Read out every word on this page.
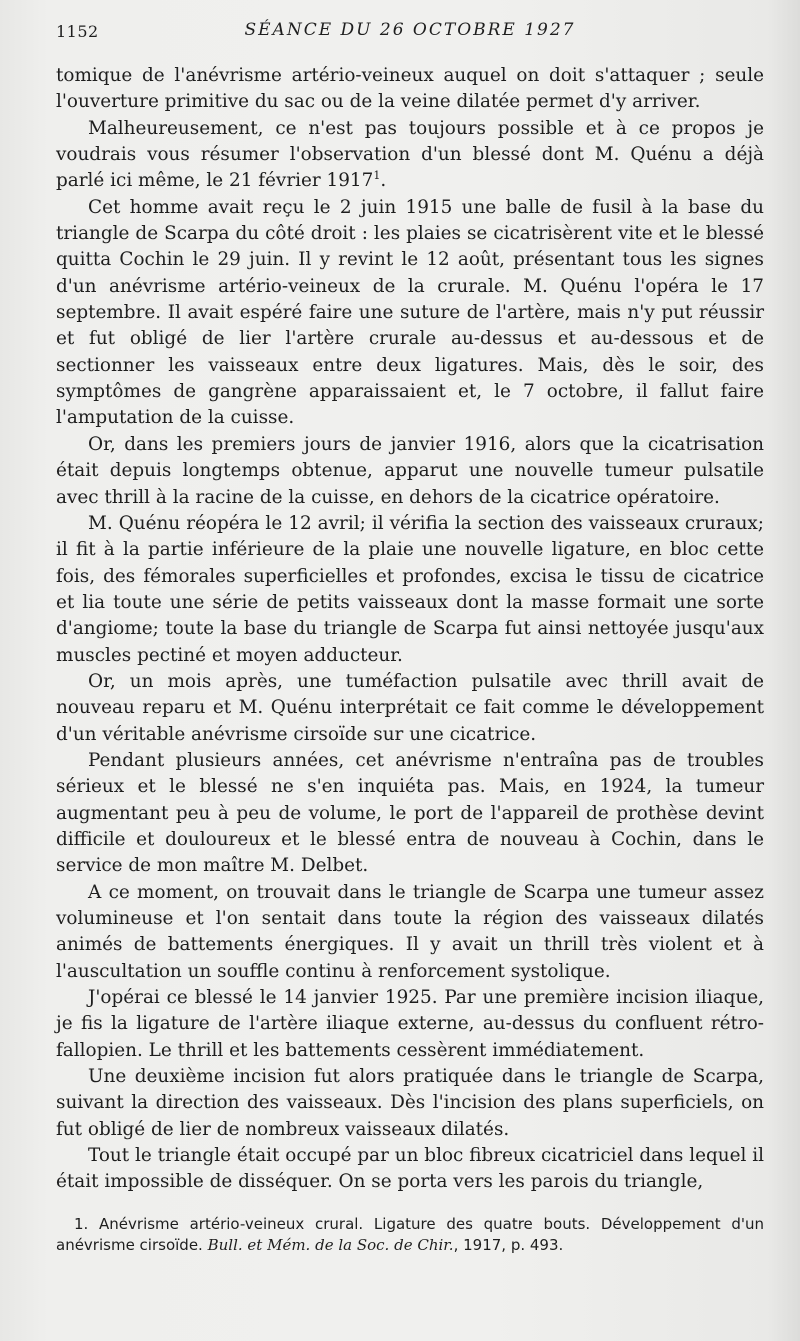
1152	SÉANCE DU 26 OCTOBRE 1927

tomique de l'anévrisme artério-veineux auquel on doit s'attaquer ; seule l'ouverture primitive du sac ou de la veine dilatée permet d'y arriver.

Malheureusement, ce n'est pas toujours possible et à ce propos je voudrais vous résumer l'observation d'un blessé dont M. Quénu a déjà parlé ici même, le 21 février 1917$^1$.

Cet homme avait reçu le 2 juin 1915 une balle de fusil à la base du triangle de Scarpa du côté droit : les plaies se cicatrisèrent vite et le blessé quitta Cochin le 29 juin. Il y revint le 12 août, présentant tous les signes d'un anévrisme artério-veineux de la crurale. M. Quénu l'opéra le 17 septembre. Il avait espéré faire une suture de l'artère, mais n'y put réussir et fut obligé de lier l'artère crurale au-dessus et au-dessous et de sectionner les vaisseaux entre deux ligatures. Mais, dès le soir, des symptômes de gangrène apparaissaient et, le 7 octobre, il fallut faire l'amputation de la cuisse.

Or, dans les premiers jours de janvier 1916, alors que la cicatrisation était depuis longtemps obtenue, apparut une nouvelle tumeur pulsatile avec thrill à la racine de la cuisse, en dehors de la cicatrice opératoire.

M. Quénu réopéra le 12 avril; il vérifia la section des vaisseaux cruraux; il fit à la partie inférieure de la plaie une nouvelle ligature, en bloc cette fois, des fémorales superficielles et profondes, excisa le tissu de cicatrice et lia toute une série de petits vaisseaux dont la masse formait une sorte d'angiome; toute la base du triangle de Scarpa fut ainsi nettoyée jusqu'aux muscles pectiné et moyen adducteur.

Or, un mois après, une tuméfaction pulsatile avec thrill avait de nouveau reparu et M. Quénu interprétait ce fait comme le développement d'un véritable anévrisme cirsoïde sur une cicatrice.

Pendant plusieurs années, cet anévrisme n'entraîna pas de troubles sérieux et le blessé ne s'en inquiéta pas. Mais, en 1924, la tumeur augmentant peu à peu de volume, le port de l'appareil de prothèse devint difficile et douloureux et le blessé entra de nouveau à Cochin, dans le service de mon maître M. Delbet.

A ce moment, on trouvait dans le triangle de Scarpa une tumeur assez volumineuse et l'on sentait dans toute la région des vaisseaux dilatés animés de battements énergiques. Il y avait un thrill très violent et à l'auscultation un souffle continu à renforcement systolique.

J'opérai ce blessé le 14 janvier 1925. Par une première incision iliaque, je fis la ligature de l'artère iliaque externe, au-dessus du confluent rétro-fallopien. Le thrill et les battements cessèrent immédiatement.

Une deuxième incision fut alors pratiquée dans le triangle de Scarpa, suivant la direction des vaisseaux. Dès l'incision des plans superficiels, on fut obligé de lier de nombreux vaisseaux dilatés.

Tout le triangle était occupé par un bloc fibreux cicatriciel dans lequel il était impossible de disséquer. On se porta vers les parois du triangle,

1. Anévrisme artério-veineux crural. Ligature des quatre bouts. Développement d'un anévrisme cirsoïde. Bull. et Mém. de la Soc. de Chir., 1917, p. 493.
